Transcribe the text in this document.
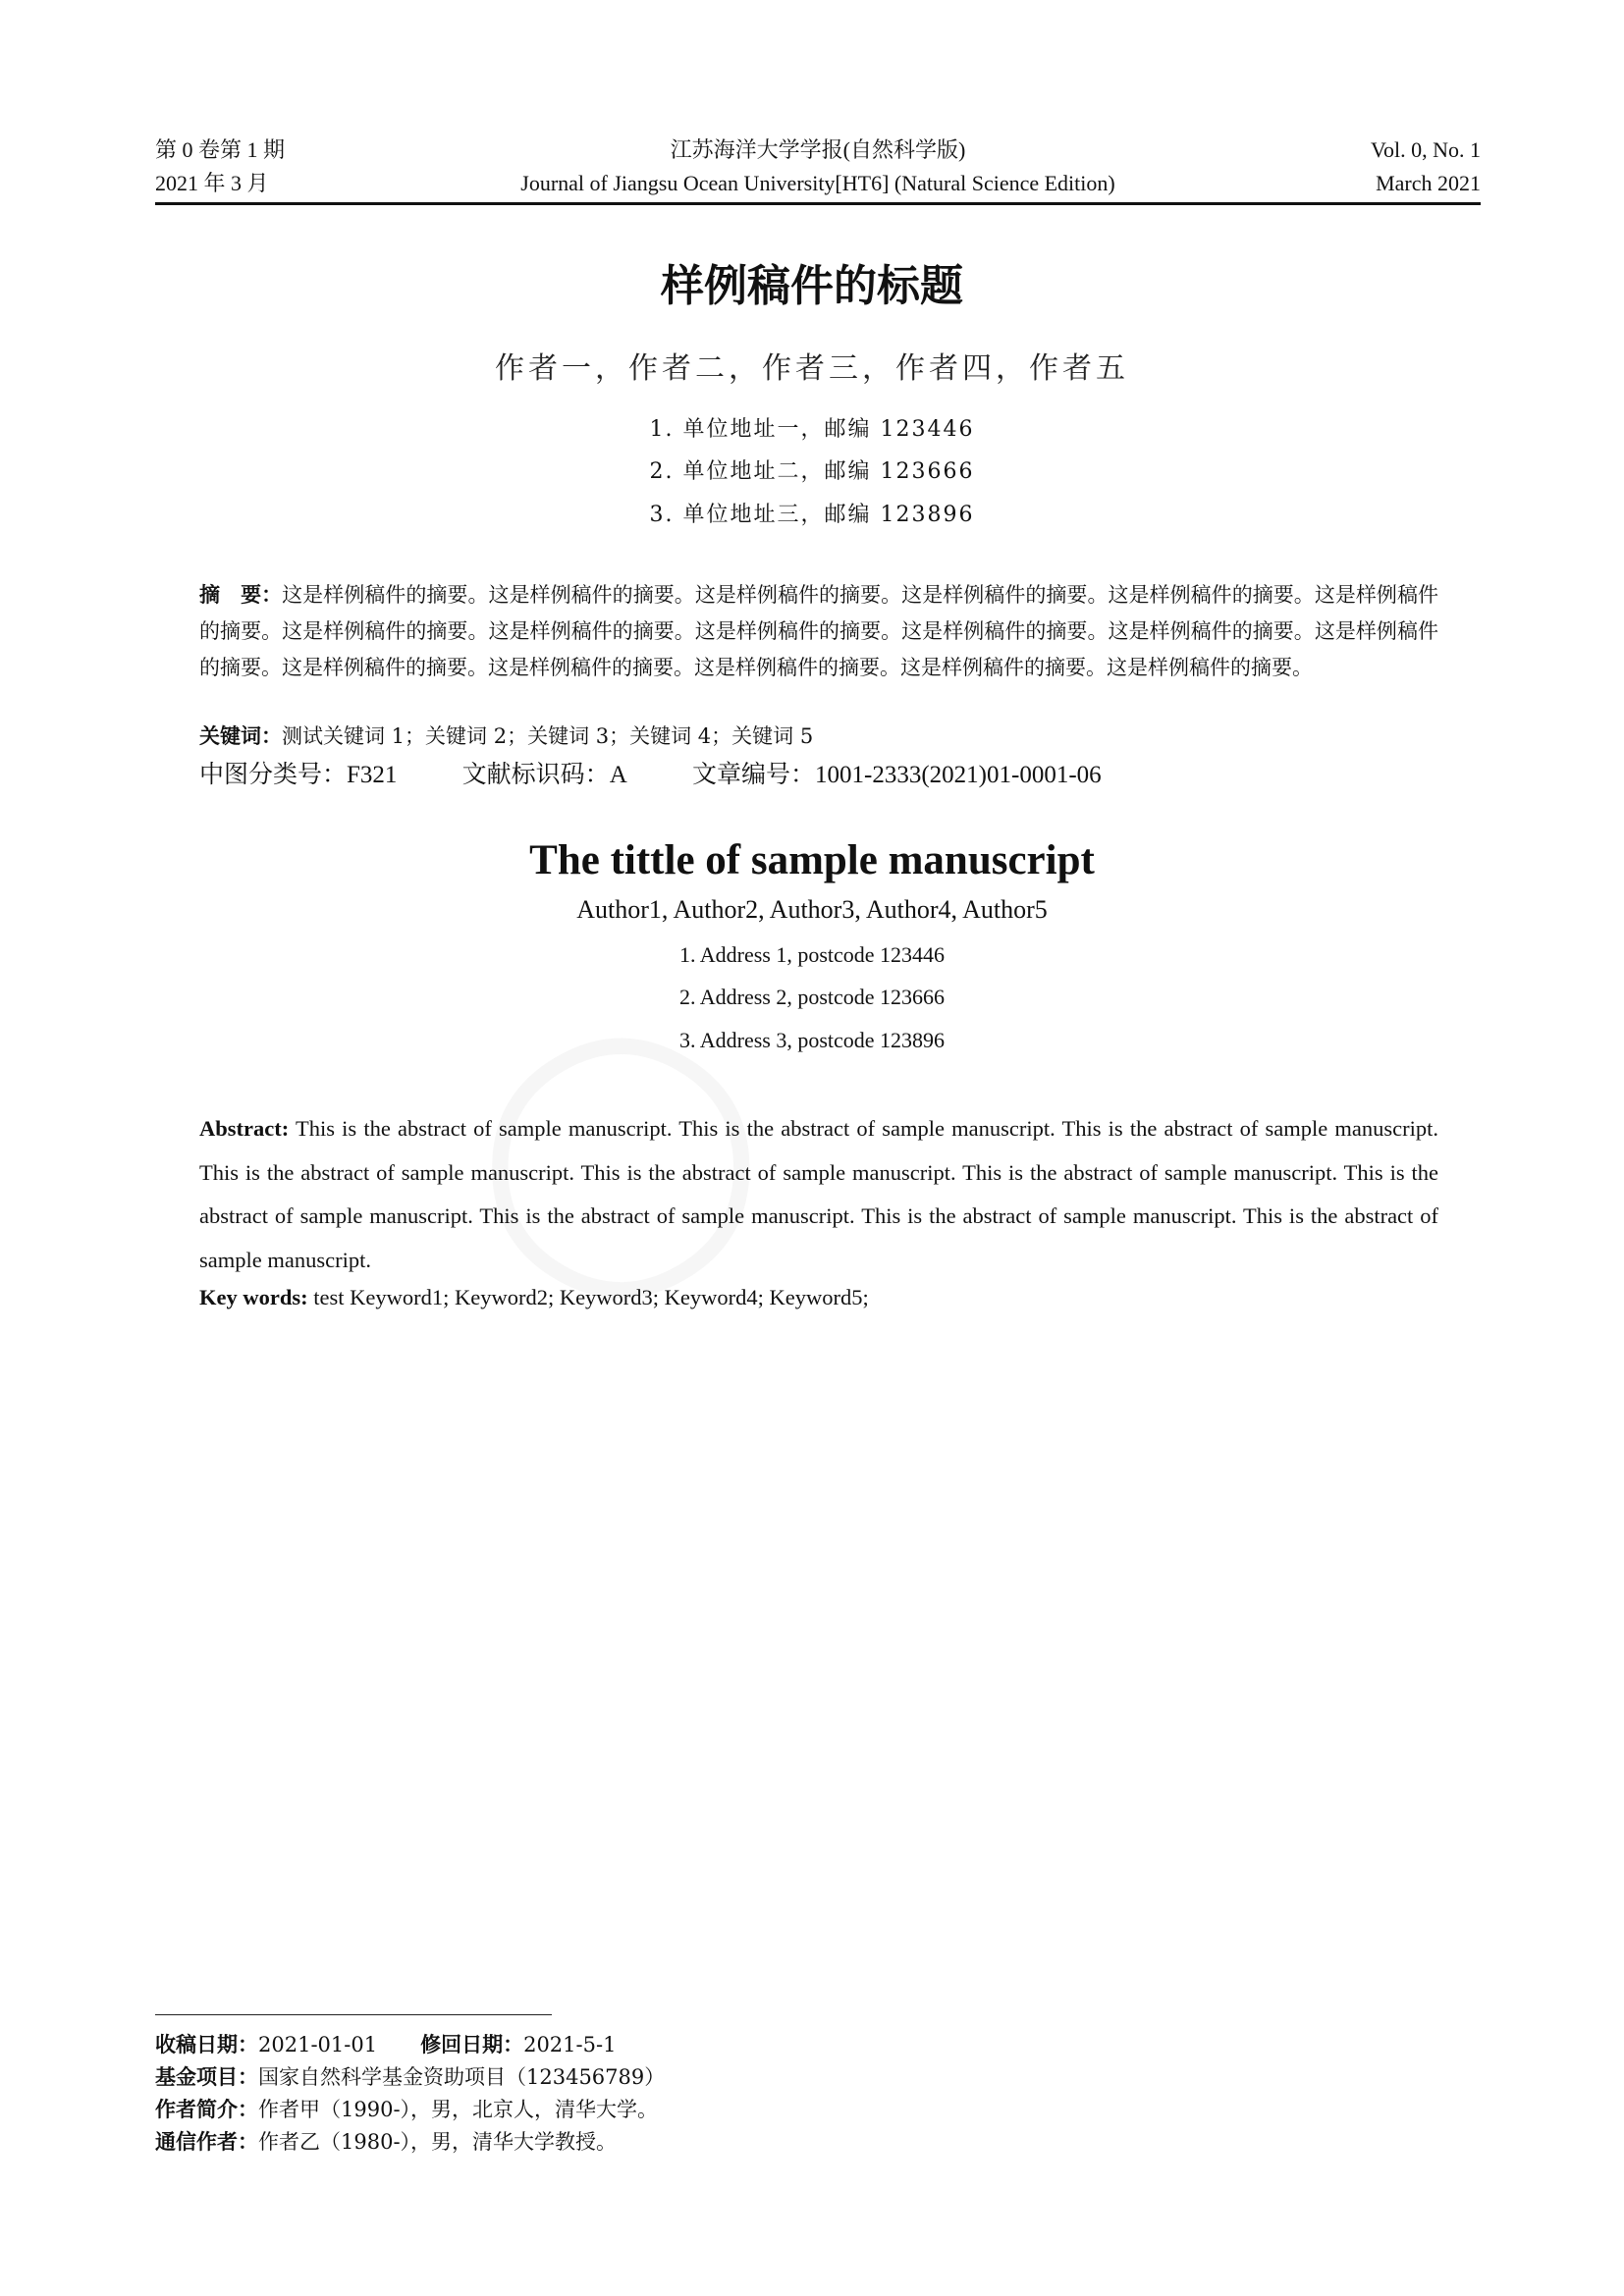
第 0 卷第 1 期
2021 年 3 月
江苏海洋大学学报(自然科学版)
Journal of Jiangsu Ocean University[HT6] (Natural Science Edition)
Vol. 0, No. 1
March 2021
样例稿件的标题
作者一，作者二，作者三，作者四，作者五
1. 单位地址一，邮编 123446
2. 单位地址二，邮编 123666
3. 单位地址三，邮编 123896
摘　要：这是样例稿件的摘要。这是样例稿件的摘要。这是样例稿件的摘要。这是样例稿件的摘要。这是样例稿件的摘要。这是样例稿件的摘要。这是样例稿件的摘要。这是样例稿件的摘要。这是样例稿件的摘要。这是样例稿件的摘要。这是样例稿件的摘要。这是样例稿件的摘要。这是样例稿件的摘要。这是样例稿件的摘要。这是样例稿件的摘要。这是样例稿件的摘要。这是样例稿件的摘要。
关键词：测试关键词 1；关键词 2；关键词 3；关键词 4；关键词 5
中图分类号：F321	文献标识码：A	文章编号：1001-2333(2021)01-0001-06
The tittle of sample manuscript
Author1, Author2, Author3, Author4, Author5
1. Address 1, postcode 123446
2. Address 2, postcode 123666
3. Address 3, postcode 123896
Abstract: This is the abstract of sample manuscript. This is the abstract of sample manuscript. This is the abstract of sample manuscript. This is the abstract of sample manuscript. This is the abstract of sample manuscript. This is the abstract of sample manuscript. This is the abstract of sample manuscript. This is the abstract of sample manuscript. This is the abstract of sample manuscript. This is the abstract of sample manuscript.
Key words: test Keyword1; Keyword2; Keyword3; Keyword4; Keyword5;
收稿日期：2021-01-01 修回日期：2021-5-1
基金项目：国家自然科学基金资助项目（123456789）
作者简介：作者甲（1990-），男，北京人，清华大学。
通信作者：作者乙（1980-），男，清华大学教授。
